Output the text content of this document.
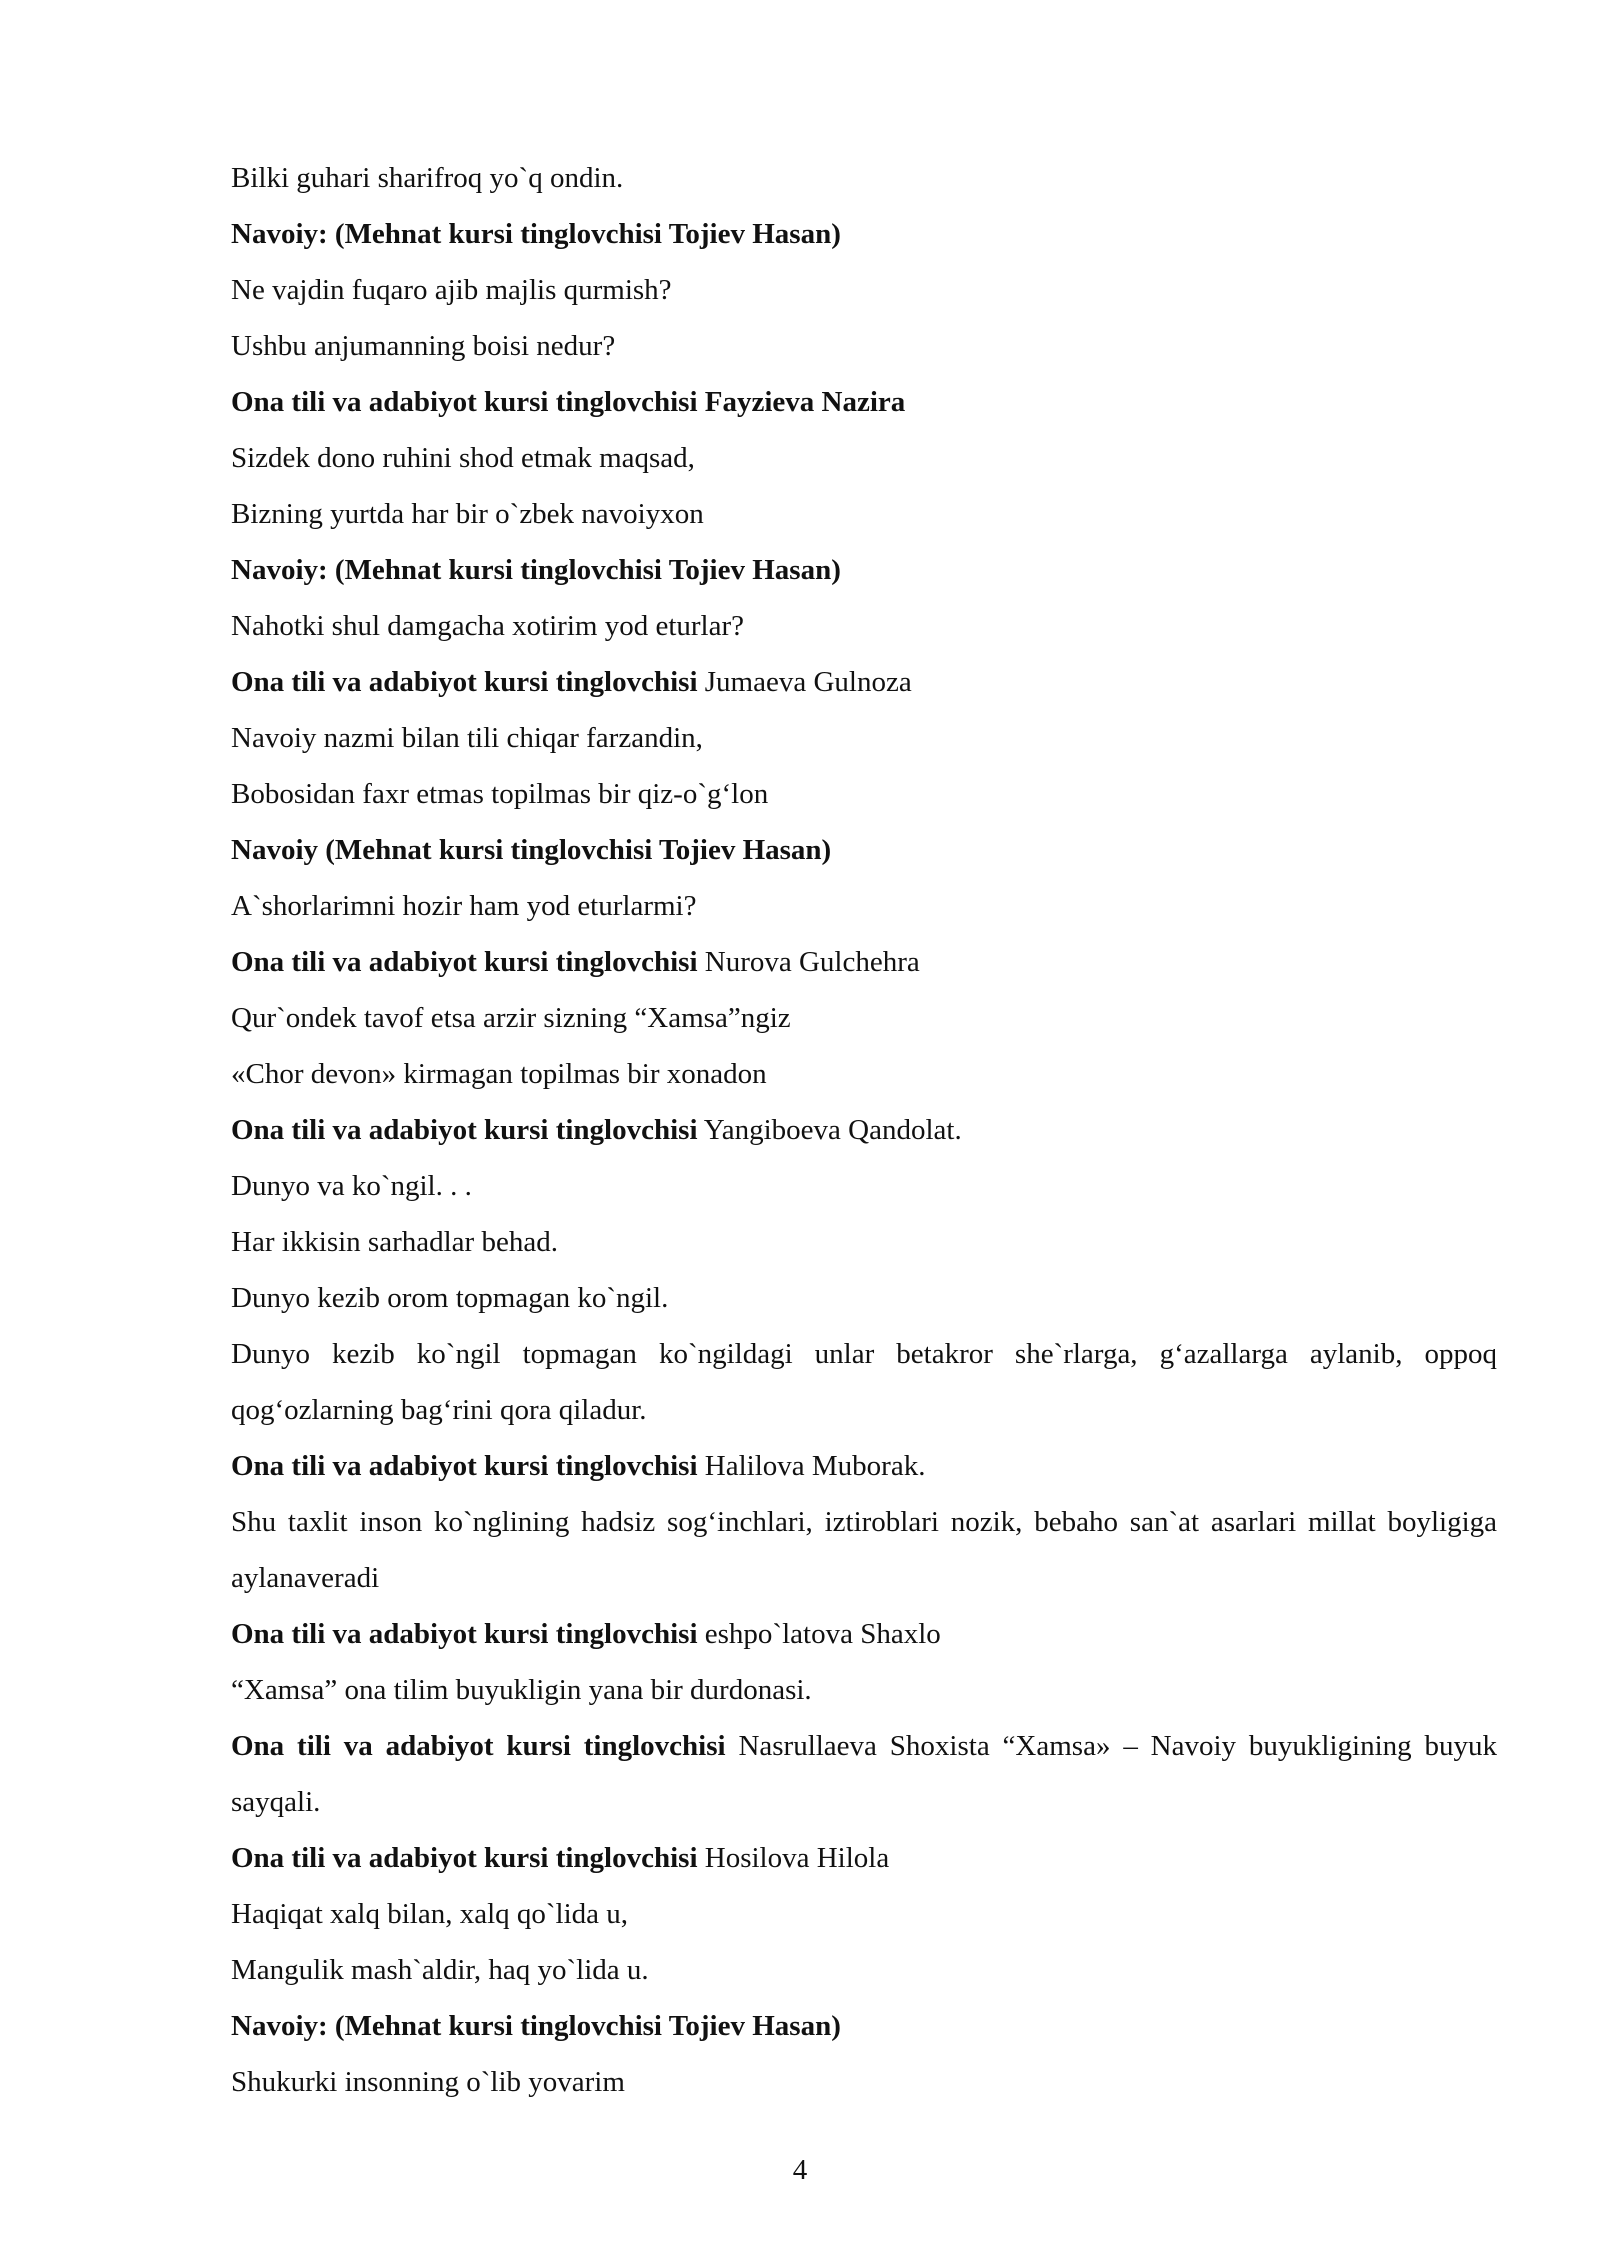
Bilki guhari sharifroq yo`q ondin.
Navoiy: (Mehnat kursi tinglovchisi Tojiev Hasan)
Ne vajdin fuqaro ajib majlis qurmish?
Ushbu anjumanning boisi nedur?
Ona tili va adabiyot kursi tinglovchisi Fayzieva Nazira
Sizdek dono ruhini shod etmak maqsad,
Bizning yurtda har bir o`zbek navoiyxon
Navoiy: (Mehnat kursi tinglovchisi Tojiev Hasan)
Nahotki shul damgacha xotirim yod eturlar?
Ona tili va adabiyot kursi tinglovchisi Jumaeva Gulnoza
Navoiy nazmi bilan tili chiqar farzandin,
Bobosidan faxr etmas topilmas bir qiz-o`g‘lon
Navoiy (Mehnat kursi tinglovchisi Tojiev Hasan)
A`shorlarimni hozir ham yod eturlarmi?
Ona tili va adabiyot kursi tinglovchisi Nurova Gulchehra
Qur`ondek tavof etsa arzir sizning “Xamsa”ngiz
«Chor devon» kirmagan topilmas bir xonadon
Ona tili va adabiyot kursi tinglovchisi Yangiboeva Qandolat.
Dunyo va ko`ngil. . .
Har ikkisin sarhadlar behad.
Dunyo kezib orom topmagan ko`ngil.
Dunyo kezib ko`ngil topmagan ko`ngildagi unlar betakror she`rlarga, g‘azallarga aylanib, oppoq qog‘ozlarning bag‘rini qora qiladur.
Ona tili va adabiyot kursi tinglovchisi Halilova Muborak.
Shu taxlit inson ko`nglining hadsiz sog‘inchlari, iztiroblari nozik, bebaho san`at asarlari millat boyligiga aylanaveradi
Ona tili va adabiyot kursi tinglovchisi eshpo`latova Shaxlo
“Xamsa” ona tilim buyukligin yana bir durdonasi.
Ona tili va adabiyot kursi tinglovchisi Nasrullaeva Shoxista “Xamsa» – Navoiy buyukligining buyuk sayqali.
Ona tili va adabiyot kursi tinglovchisi Hosilova Hilola
Haqiqat xalq bilan, xalq qo`lida u,
Mangulik mash`aldir, haq yo`lida u.
Navoiy: (Mehnat kursi tinglovchisi Tojiev Hasan)
Shukurki insonning o`lib yovarim
4
